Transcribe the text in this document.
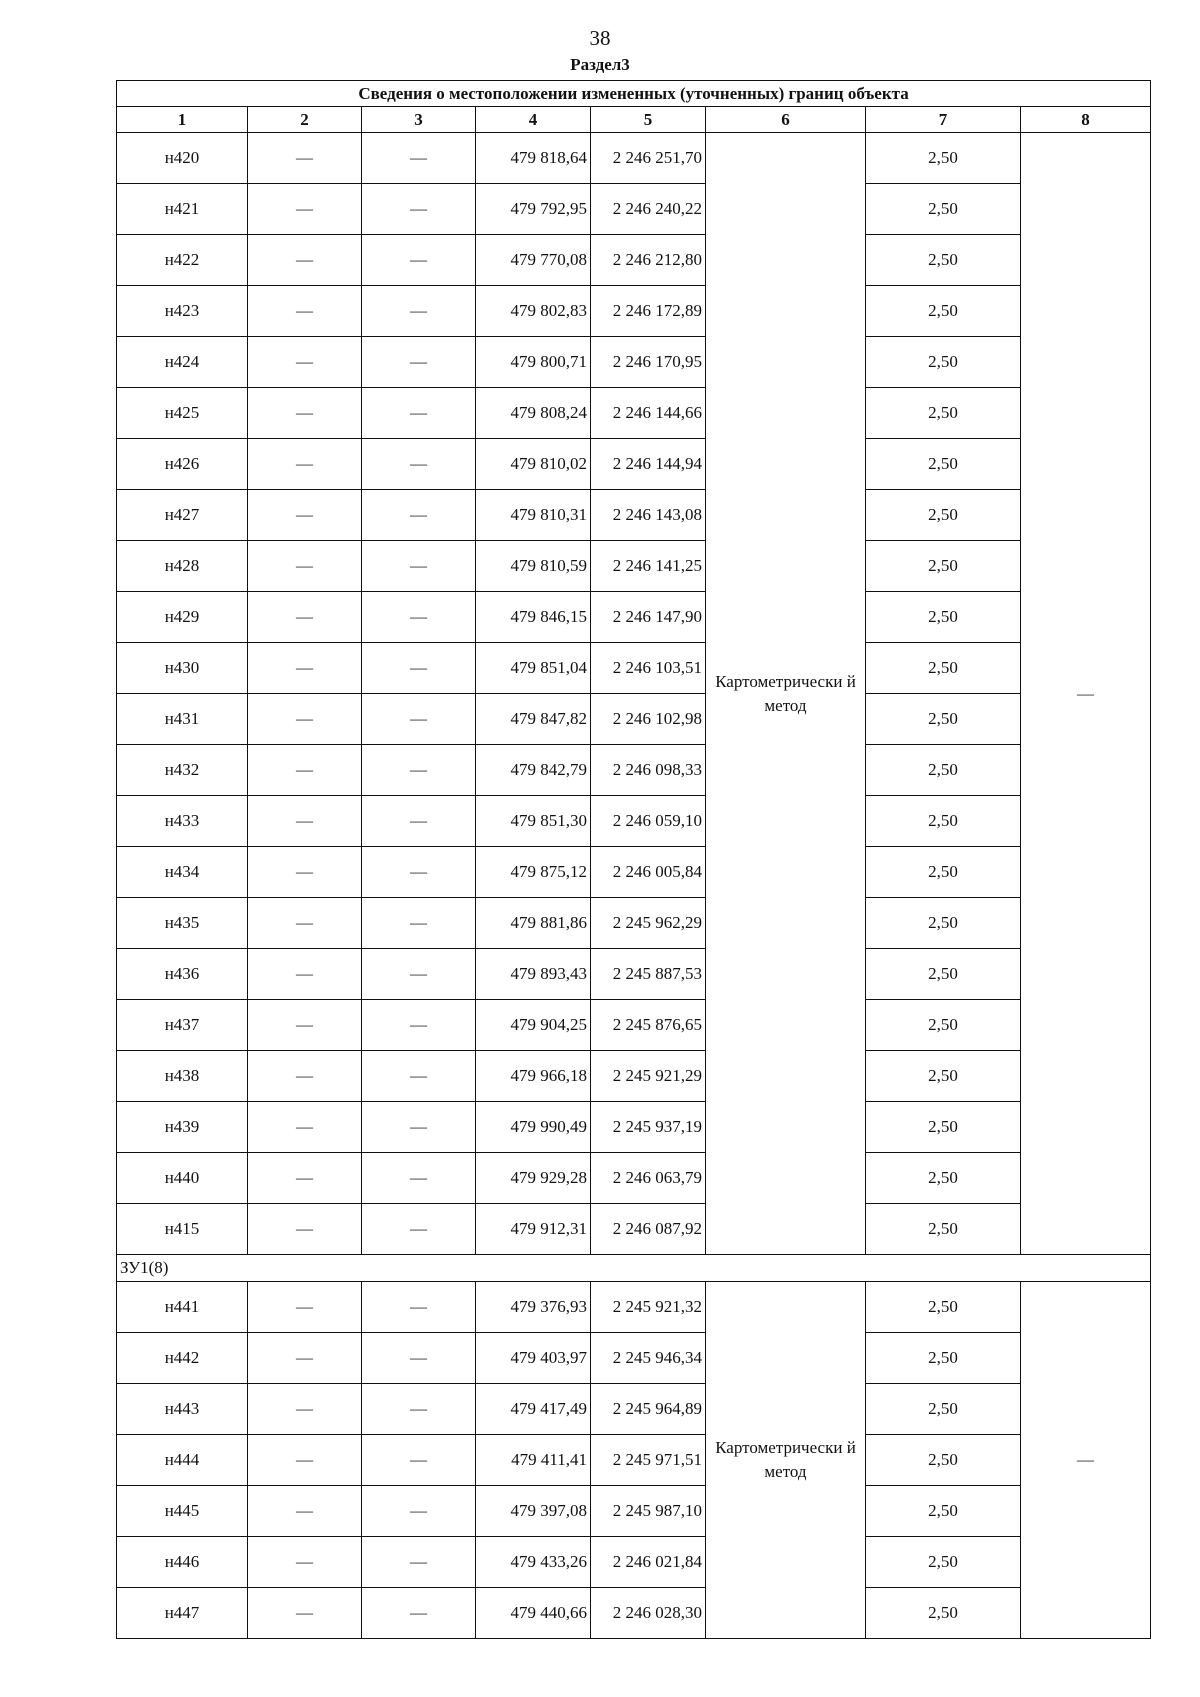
38
Раздел3
Сведения о местоположении измененных (уточненных) границ объекта							
1	2	3	4	5	6	7	8
н420	—	—	479 818,64	2 246 251,70	Картометрически й метод	2,50	—
н421	—	—	479 792,95	2 246 240,22		2,50	
н422	—	—	479 770,08	2 246 212,80		2,50	
н423	—	—	479 802,83	2 246 172,89		2,50	
н424	—	—	479 800,71	2 246 170,95		2,50	
н425	—	—	479 808,24	2 246 144,66		2,50	
н426	—	—	479 810,02	2 246 144,94		2,50	
н427	—	—	479 810,31	2 246 143,08		2,50	
н428	—	—	479 810,59	2 246 141,25		2,50	
н429	—	—	479 846,15	2 246 147,90		2,50	
н430	—	—	479 851,04	2 246 103,51		2,50	
н431	—	—	479 847,82	2 246 102,98		2,50	
н432	—	—	479 842,79	2 246 098,33		2,50	
н433	—	—	479 851,30	2 246 059,10		2,50	
н434	—	—	479 875,12	2 246 005,84		2,50	
н435	—	—	479 881,86	2 245 962,29		2,50	
н436	—	—	479 893,43	2 245 887,53		2,50	
н437	—	—	479 904,25	2 245 876,65		2,50	
н438	—	—	479 966,18	2 245 921,29		2,50	
н439	—	—	479 990,49	2 245 937,19		2,50	
н440	—	—	479 929,28	2 246 063,79		2,50	
н415	—	—	479 912,31	2 246 087,92		2,50	
ЗУ1(8)							
н441	—	—	479 376,93	2 245 921,32	Картометрически й метод	2,50	—
н442	—	—	479 403,97	2 245 946,34		2,50	
н443	—	—	479 417,49	2 245 964,89		2,50	
н444	—	—	479 411,41	2 245 971,51		2,50	
н445	—	—	479 397,08	2 245 987,10		2,50	
н446	—	—	479 433,26	2 246 021,84		2,50	
н447	—	—	479 440,66	2 246 028,30		2,50	
